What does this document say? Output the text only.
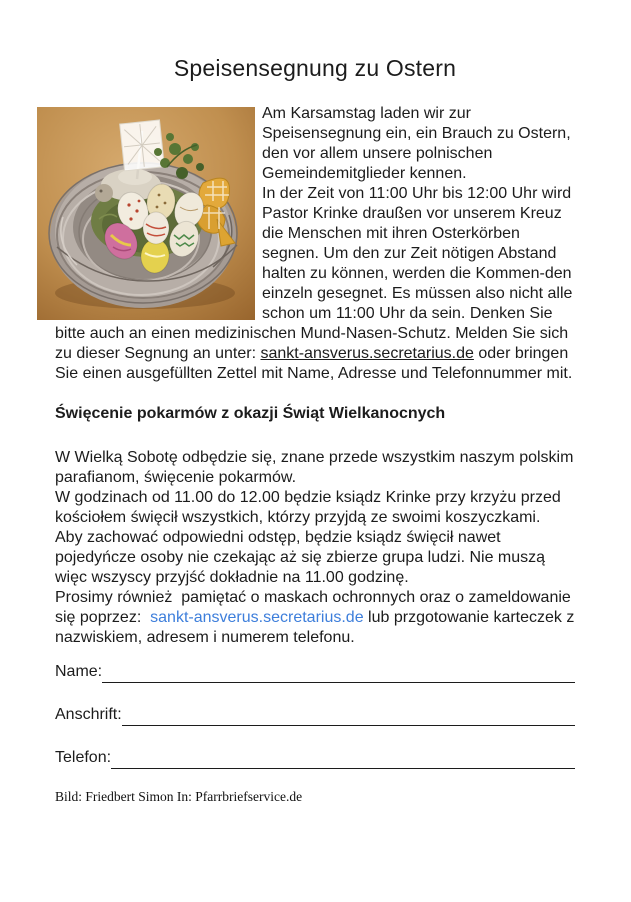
Speisensegnung zu Ostern

Am Karsamstag laden wir zur Speisensegnung ein, ein Brauch zu Ostern, den vor allem unsere polnischen Gemeindemitglieder kennen.

In der Zeit von 11:00 Uhr bis 12:00 Uhr wird Pastor Krinke draußen vor unserem Kreuz die Menschen mit ihren Osterkörben segnen. Um den zur Zeit nötigen Abstand halten zu können, werden die Kommen-den einzeln gesegnet. Es müssen also nicht alle schon um 11:00 Uhr da sein. Denken Sie bitte auch an einen medizinischen Mund-Nasen-Schutz. Melden Sie sich zu dieser Segnung an unter: sankt-ansverus.secretarius.de oder bringen Sie einen ausgefüllten Zettel mit Name, Adresse und Telefonnummer mit.

Święcenie pokarmów z okazji Świąt Wielkanocnych

W Wielką Sobotę odbędzie się, znane przede wszystkim naszym polskim parafianom, święcenie pokarmów.

W godzinach od 11.00 do 12.00 będzie ksiądz Krinke przy krzyżu przed kościołem święcił wszystkich, którzy przyjdą ze swoimi koszyczkami.

Aby zachować odpowiedni odstęp, będzie ksiądz święcił nawet pojedyńcze osoby nie czekając aż się zbierze grupa ludzi. Nie muszą więc wszyscy przyjść dokładnie na 11.00 godzinę.

Prosimy również  pamiętać o maskach ochronnych oraz o zameldowanie się poprzez:  sankt-ansverus.secretarius.de lub przgotowanie karteczek z nazwiskiem, adresem i numerem telefonu.

Name:
Anschrift:
Telefon:
Bild: Friedbert Simon In: Pfarrbriefservice.de
